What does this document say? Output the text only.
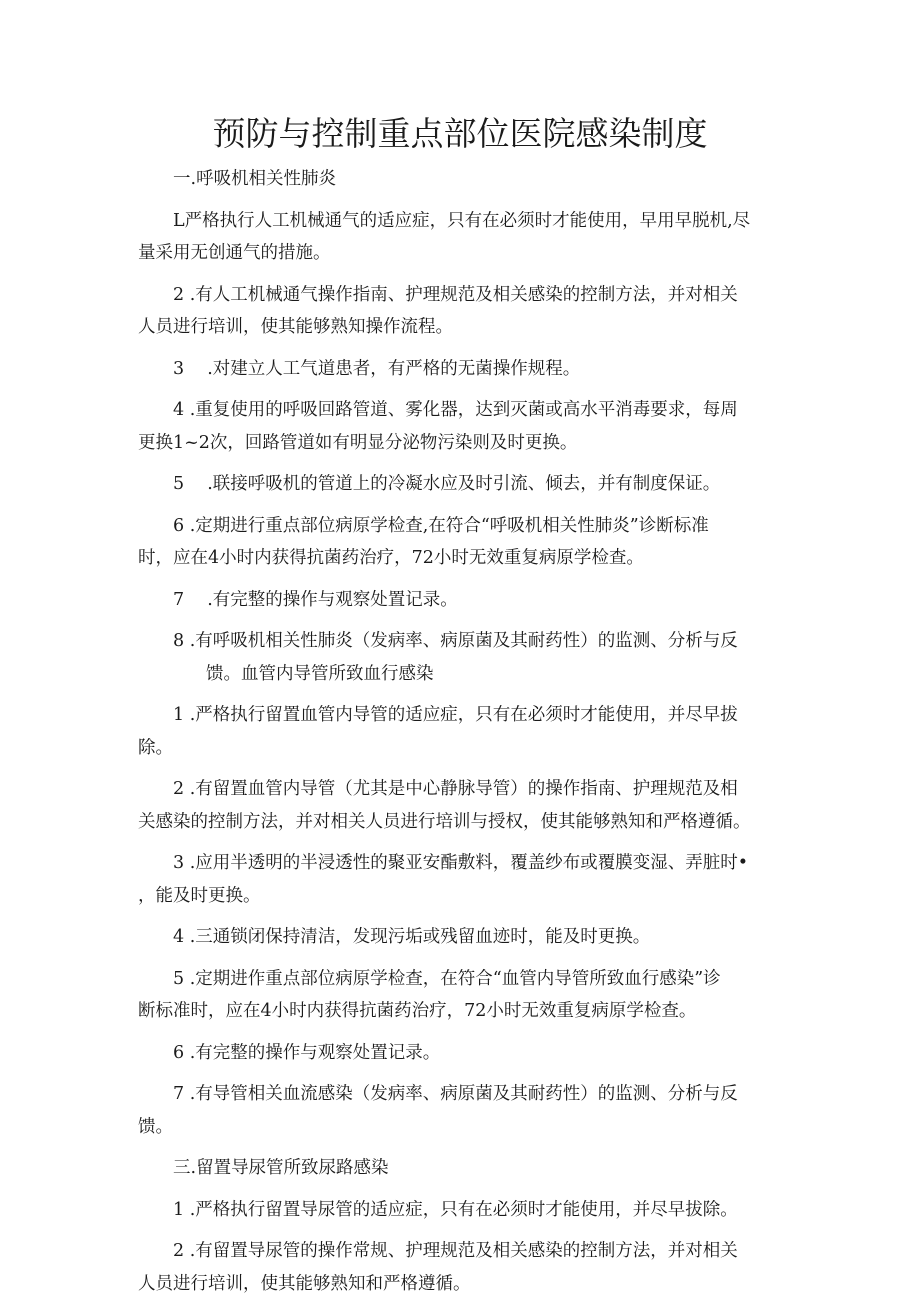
预防与控制重点部位医院感染制度

一.呼吸机相关性肺炎

L严格执行人工机械通气的适应症，只有在必须时才能使用，早用早脱机,尽

量采用无创通气的措施。

2 .有人工机械通气操作指南、护理规范及相关感染的控制方法，并对相关

人员进行培训，使其能够熟知操作流程。

3　 .对建立人工气道患者，有严格的无菌操作规程。

4 .重复使用的呼吸回路管道、雾化器，达到灭菌或高水平消毒要求，每周

更换1~2次，回路管道如有明显分泌物污染则及时更换。

5　 .联接呼吸机的管道上的冷凝水应及时引流、倾去，并有制度保证。

6 .定期进行重点部位病原学检查,在符合“呼吸机相关性肺炎”诊断标准

时，应在4小时内获得抗菌药治疗，72小时无效重复病原学检查。

7　 .有完整的操作与观察处置记录。

8 .有呼吸机相关性肺炎（发病率、病原菌及其耐药性）的监测、分析与反

馈。血管内导管所致血行感染

1 .严格执行留置血管内导管的适应症，只有在必须时才能使用，并尽早拔

除。

2 .有留置血管内导管（尤其是中心静脉导管）的操作指南、护理规范及相

关感染的控制方法，并对相关人员进行培训与授权，使其能够熟知和严格遵循。

3 .应用半透明的半浸透性的聚亚安酯敷料，覆盖纱布或覆膜变湿、弄脏时•

，能及时更换。

4 .三通锁闭保持清洁，发现污垢或残留血迹时，能及时更换。

5 .定期进作重点部位病原学检查，在符合“血管内导管所致血行感染”诊

断标准时，应在4小时内获得抗菌药治疗，72小时无效重复病原学检查。

6 .有完整的操作与观察处置记录。

7 .有导管相关血流感染（发病率、病原菌及其耐药性）的监测、分析与反

馈。

三.留置导尿管所致尿路感染

1 .严格执行留置导尿管的适应症，只有在必须时才能使用，并尽早拔除。

2 .有留置导尿管的操作常规、护理规范及相关感染的控制方法，并对相关

人员进行培训，使其能够熟知和严格遵循。
